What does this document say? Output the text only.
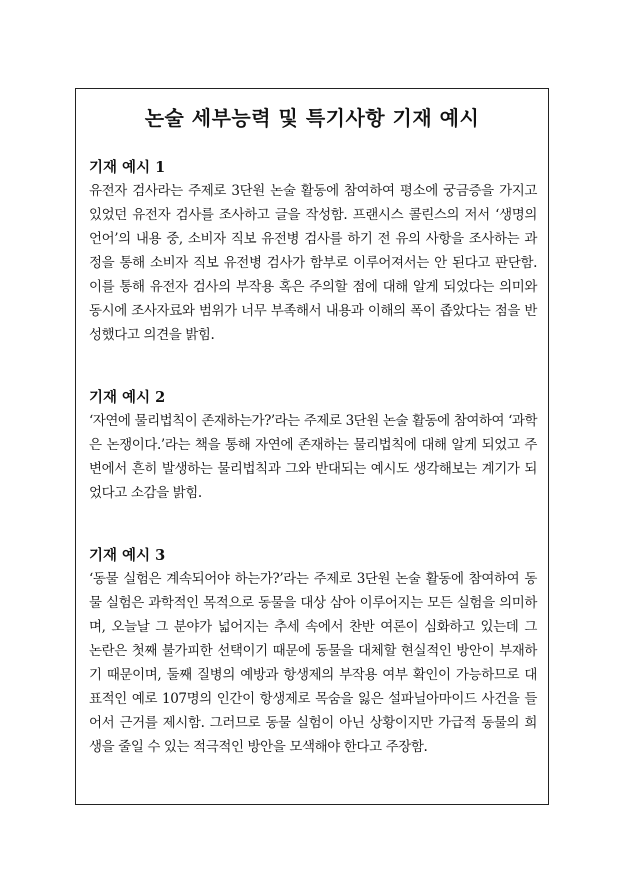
논술 세부능력 및 특기사항 기재 예시
기재 예시 1
유전자 검사라는 주제로 3단원 논술 활동에 참여하여 평소에 궁금증을 가지고
있었던 유전자 검사를 조사하고 글을 작성함. 프랜시스 콜린스의 저서 ‘생명의
언어’의 내용 중, 소비자 직보 유전병 검사를 하기 전 유의 사항을 조사하는 과
정을 통해 소비자 직보 유전병 검사가 함부로 이루어져서는 안 된다고 판단함.
이를 통해 유전자 검사의 부작용 혹은 주의할 점에 대해 알게 되었다는 의미와
동시에 조사자료와 범위가 너무 부족해서 내용과 이해의 폭이 좁았다는 점을 반
성했다고 의견을 밝힘.
기재 예시 2
‘자연에 물리법칙이 존재하는가?’라는 주제로 3단원 논술 활동에 참여하여 ‘과학
은 논쟁이다.’라는 책을 통해 자연에 존재하는 물리법칙에 대해 알게 되었고 주
변에서 흔히 발생하는 물리법칙과 그와 반대되는 예시도 생각해보는 계기가 되
었다고 소감을 밝힘.
기재 예시 3
‘동물 실험은 계속되어야 하는가?’라는 주제로 3단원 논술 활동에 참여하여 동
물 실험은 과학적인 목적으로 동물을 대상 삼아 이루어지는 모든 실험을 의미하
며, 오늘날 그 분야가 넓어지는 추세 속에서 찬반 여론이 심화하고 있는데 그
논란은 첫째 불가피한 선택이기 때문에 동물을 대체할 현실적인 방안이 부재하
기 때문이며, 둘째 질병의 예방과 항생제의 부작용 여부 확인이 가능하므로 대
표적인 예로 107명의 인간이 항생제로 목숨을 잃은 설파닐아마이드 사건을 들
어서 근거를 제시함. 그러므로 동물 실험이 아닌 상황이지만 가급적 동물의 희
생을 줄일 수 있는 적극적인 방안을 모색해야 한다고 주장함.
